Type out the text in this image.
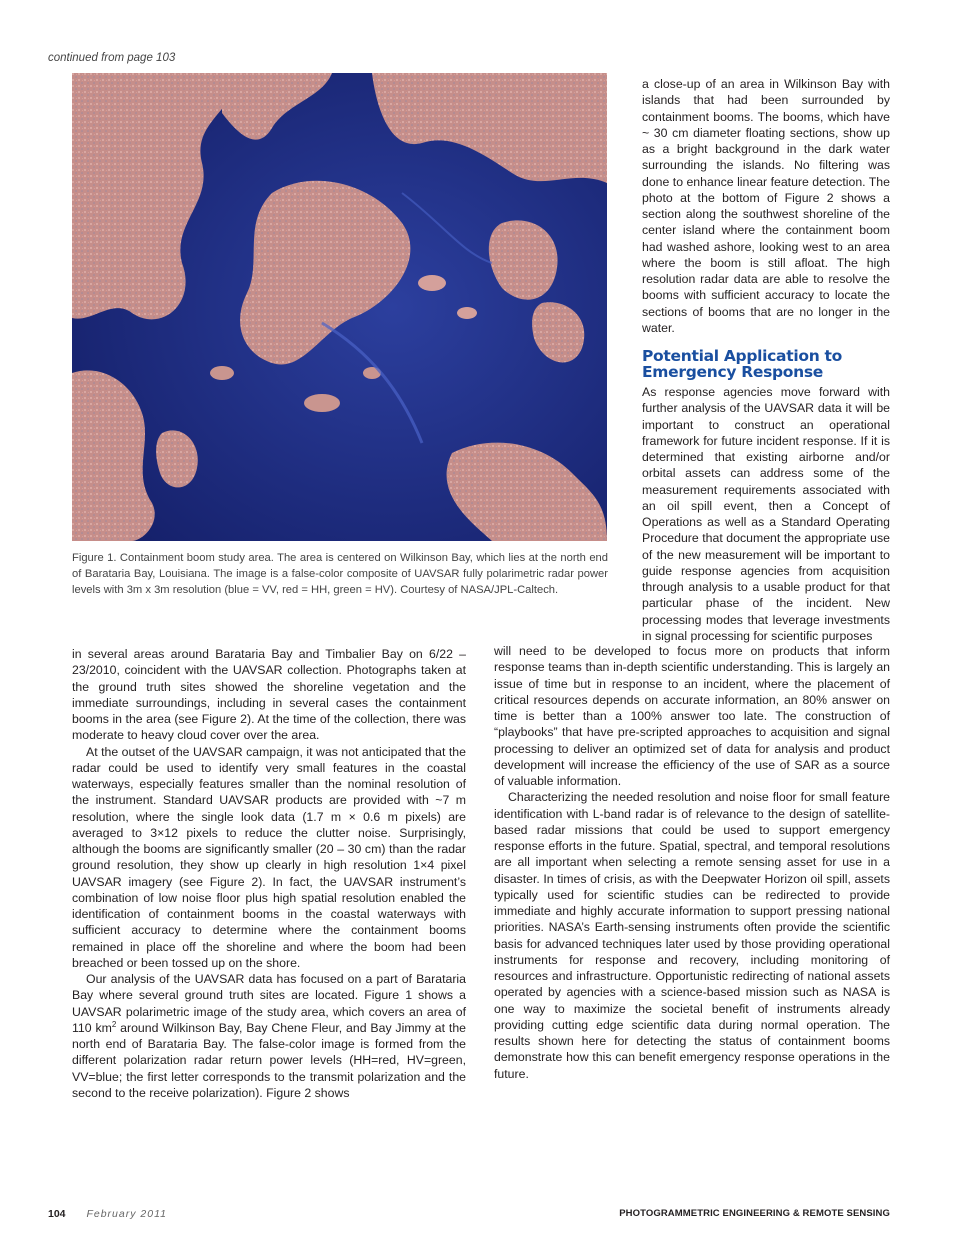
continued from page 103
Figure 1. Containment boom study area. The area is centered on Wilkinson Bay, which lies at the north end of Barataria Bay, Louisiana. The image is a false-color composite of UAVSAR fully polarimetric radar power levels with 3m x 3m resolution (blue = VV, red = HH, green = HV). Courtesy of NASA/JPL-Caltech.

a close-up of an area in Wilkinson Bay with islands that had been surrounded by containment booms. The booms, which have ~ 30 cm diameter floating sections, show up as a bright background in the dark water surrounding the islands. No filtering was done to enhance linear feature detection. The photo at the bottom of Figure 2 shows a section along the southwest shoreline of the center island where the containment boom had washed ashore, looking west to an area where the boom is still afloat. The high resolution radar data are able to resolve the booms with sufficient accuracy to locate the sections of booms that are no longer in the water.

Potential Application to Emergency Response

As response agencies move forward with further analysis of the UAVSAR data it will be important to construct an operational framework for future incident response. If it is determined that existing airborne and/or orbital assets can address some of the measurement requirements associated with an oil spill event, then a Concept of Operations as well as a Standard Operating Procedure that document the appropriate use of the new measurement will be important to guide response agencies from acquisition through analysis to a usable product for that particular phase of the incident. New processing modes that leverage investments in signal processing for scientific purposes

in several areas around Barataria Bay and Timbalier Bay on 6/22 – 23/2010, coincident with the UAVSAR collection. Photographs taken at the ground truth sites showed the shoreline vegetation and the immediate surroundings, including in several cases the containment booms in the area (see Figure 2). At the time of the collection, there was moderate to heavy cloud cover over the area.

At the outset of the UAVSAR campaign, it was not anticipated that the radar could be used to identify very small features in the coastal waterways, especially features smaller than the nominal resolution of the instrument. Standard UAVSAR products are provided with ~7 m resolution, where the single look data (1.7 m × 0.6 m pixels) are averaged to 3×12 pixels to reduce the clutter noise. Surprisingly, although the booms are significantly smaller (20 – 30 cm) than the radar ground resolution, they show up clearly in high resolution 1×4 pixel UAVSAR imagery (see Figure 2). In fact, the UAVSAR instrument’s combination of low noise floor plus high spatial resolution enabled the identification of containment booms in the coastal waterways with sufficient accuracy to determine where the containment booms remained in place off the shoreline and where the boom had been breached or been tossed up on the shore.

Our analysis of the UAVSAR data has focused on a part of Barataria Bay where several ground truth sites are located. Figure 1 shows a UAVSAR polarimetric image of the study area, which covers an area of 110 $km^2$ around Wilkinson Bay, Bay Chene Fleur, and Bay Jimmy at the north end of Barataria Bay. The false-color image is formed from the different polarization radar return power levels (HH=red, HV=green, VV=blue; the first letter corresponds to the transmit polarization and the second to the receive polarization). Figure 2 shows

will need to be developed to focus more on products that inform response teams than in-depth scientific understanding. This is largely an issue of time but in response to an incident, where the placement of critical resources depends on accurate information, an 80% answer on time is better than a 100% answer too late. The construction of “playbooks” that have pre-scripted approaches to acquisition and signal processing to deliver an optimized set of data for analysis and product development will increase the efficiency of the use of SAR as a source of valuable information.

Characterizing the needed resolution and noise floor for small feature identification with L-band radar is of relevance to the design of satellite-based radar missions that could be used to support emergency response efforts in the future. Spatial, spectral, and temporal resolutions are all important when selecting a remote sensing asset for use in a disaster. In times of crisis, as with the Deepwater Horizon oil spill, assets typically used for scientific studies can be redirected to provide immediate and highly accurate information to support pressing national priorities. NASA’s Earth-sensing instruments often provide the scientific basis for advanced techniques later used by those providing operational instruments for response and recovery, including monitoring of resources and infrastructure. Opportunistic redirecting of national assets operated by agencies with a science-based mission such as NASA is one way to maximize the societal benefit of instruments already providing cutting edge scientific data during normal operation. The results shown here for detecting the status of containment booms demonstrate how this can benefit emergency response operations in the future.

104 February 2011	PHOTOGRAMMETRIC ENGINEERING & REMOTE SENSING
